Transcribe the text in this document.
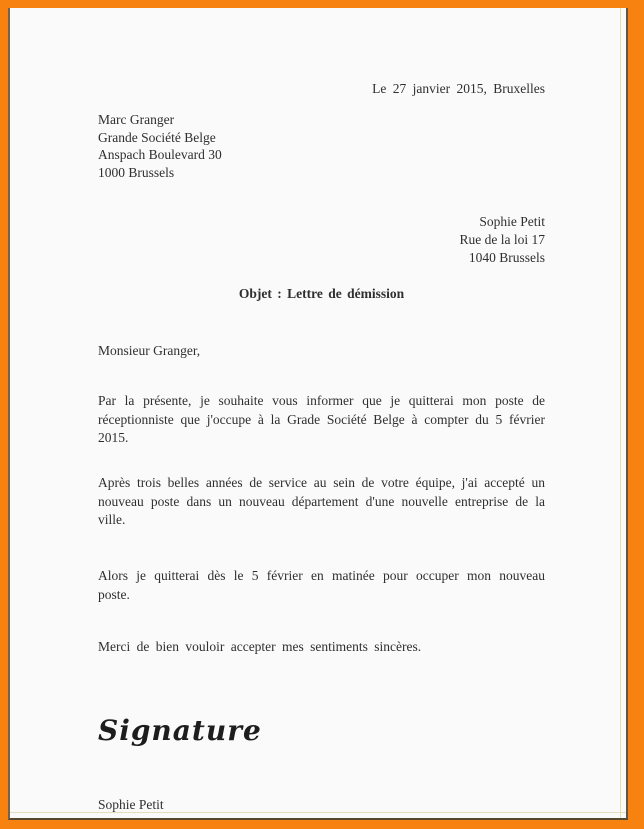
Le 27 janvier 2015, Bruxelles
Marc Granger
Grande Société Belge
Anspach Boulevard 30
1000 Brussels
Sophie Petit
Rue de la loi 17
1040 Brussels
Objet : Lettre de démission
Monsieur Granger,

Par la présente, je souhaite vous informer que je quitterai mon poste de réceptionniste que j'occupe à la Grade Société Belge à compter du 5 février 2015.

Après trois belles années de service au sein de votre équipe, j'ai accepté un nouveau poste dans un nouveau département d'une nouvelle entreprise de la ville.

Alors je quitterai dès le 5 février en matinée pour occuper mon nouveau poste.

Merci de bien vouloir accepter mes sentiments sincères.

Signature
Sophie Petit
